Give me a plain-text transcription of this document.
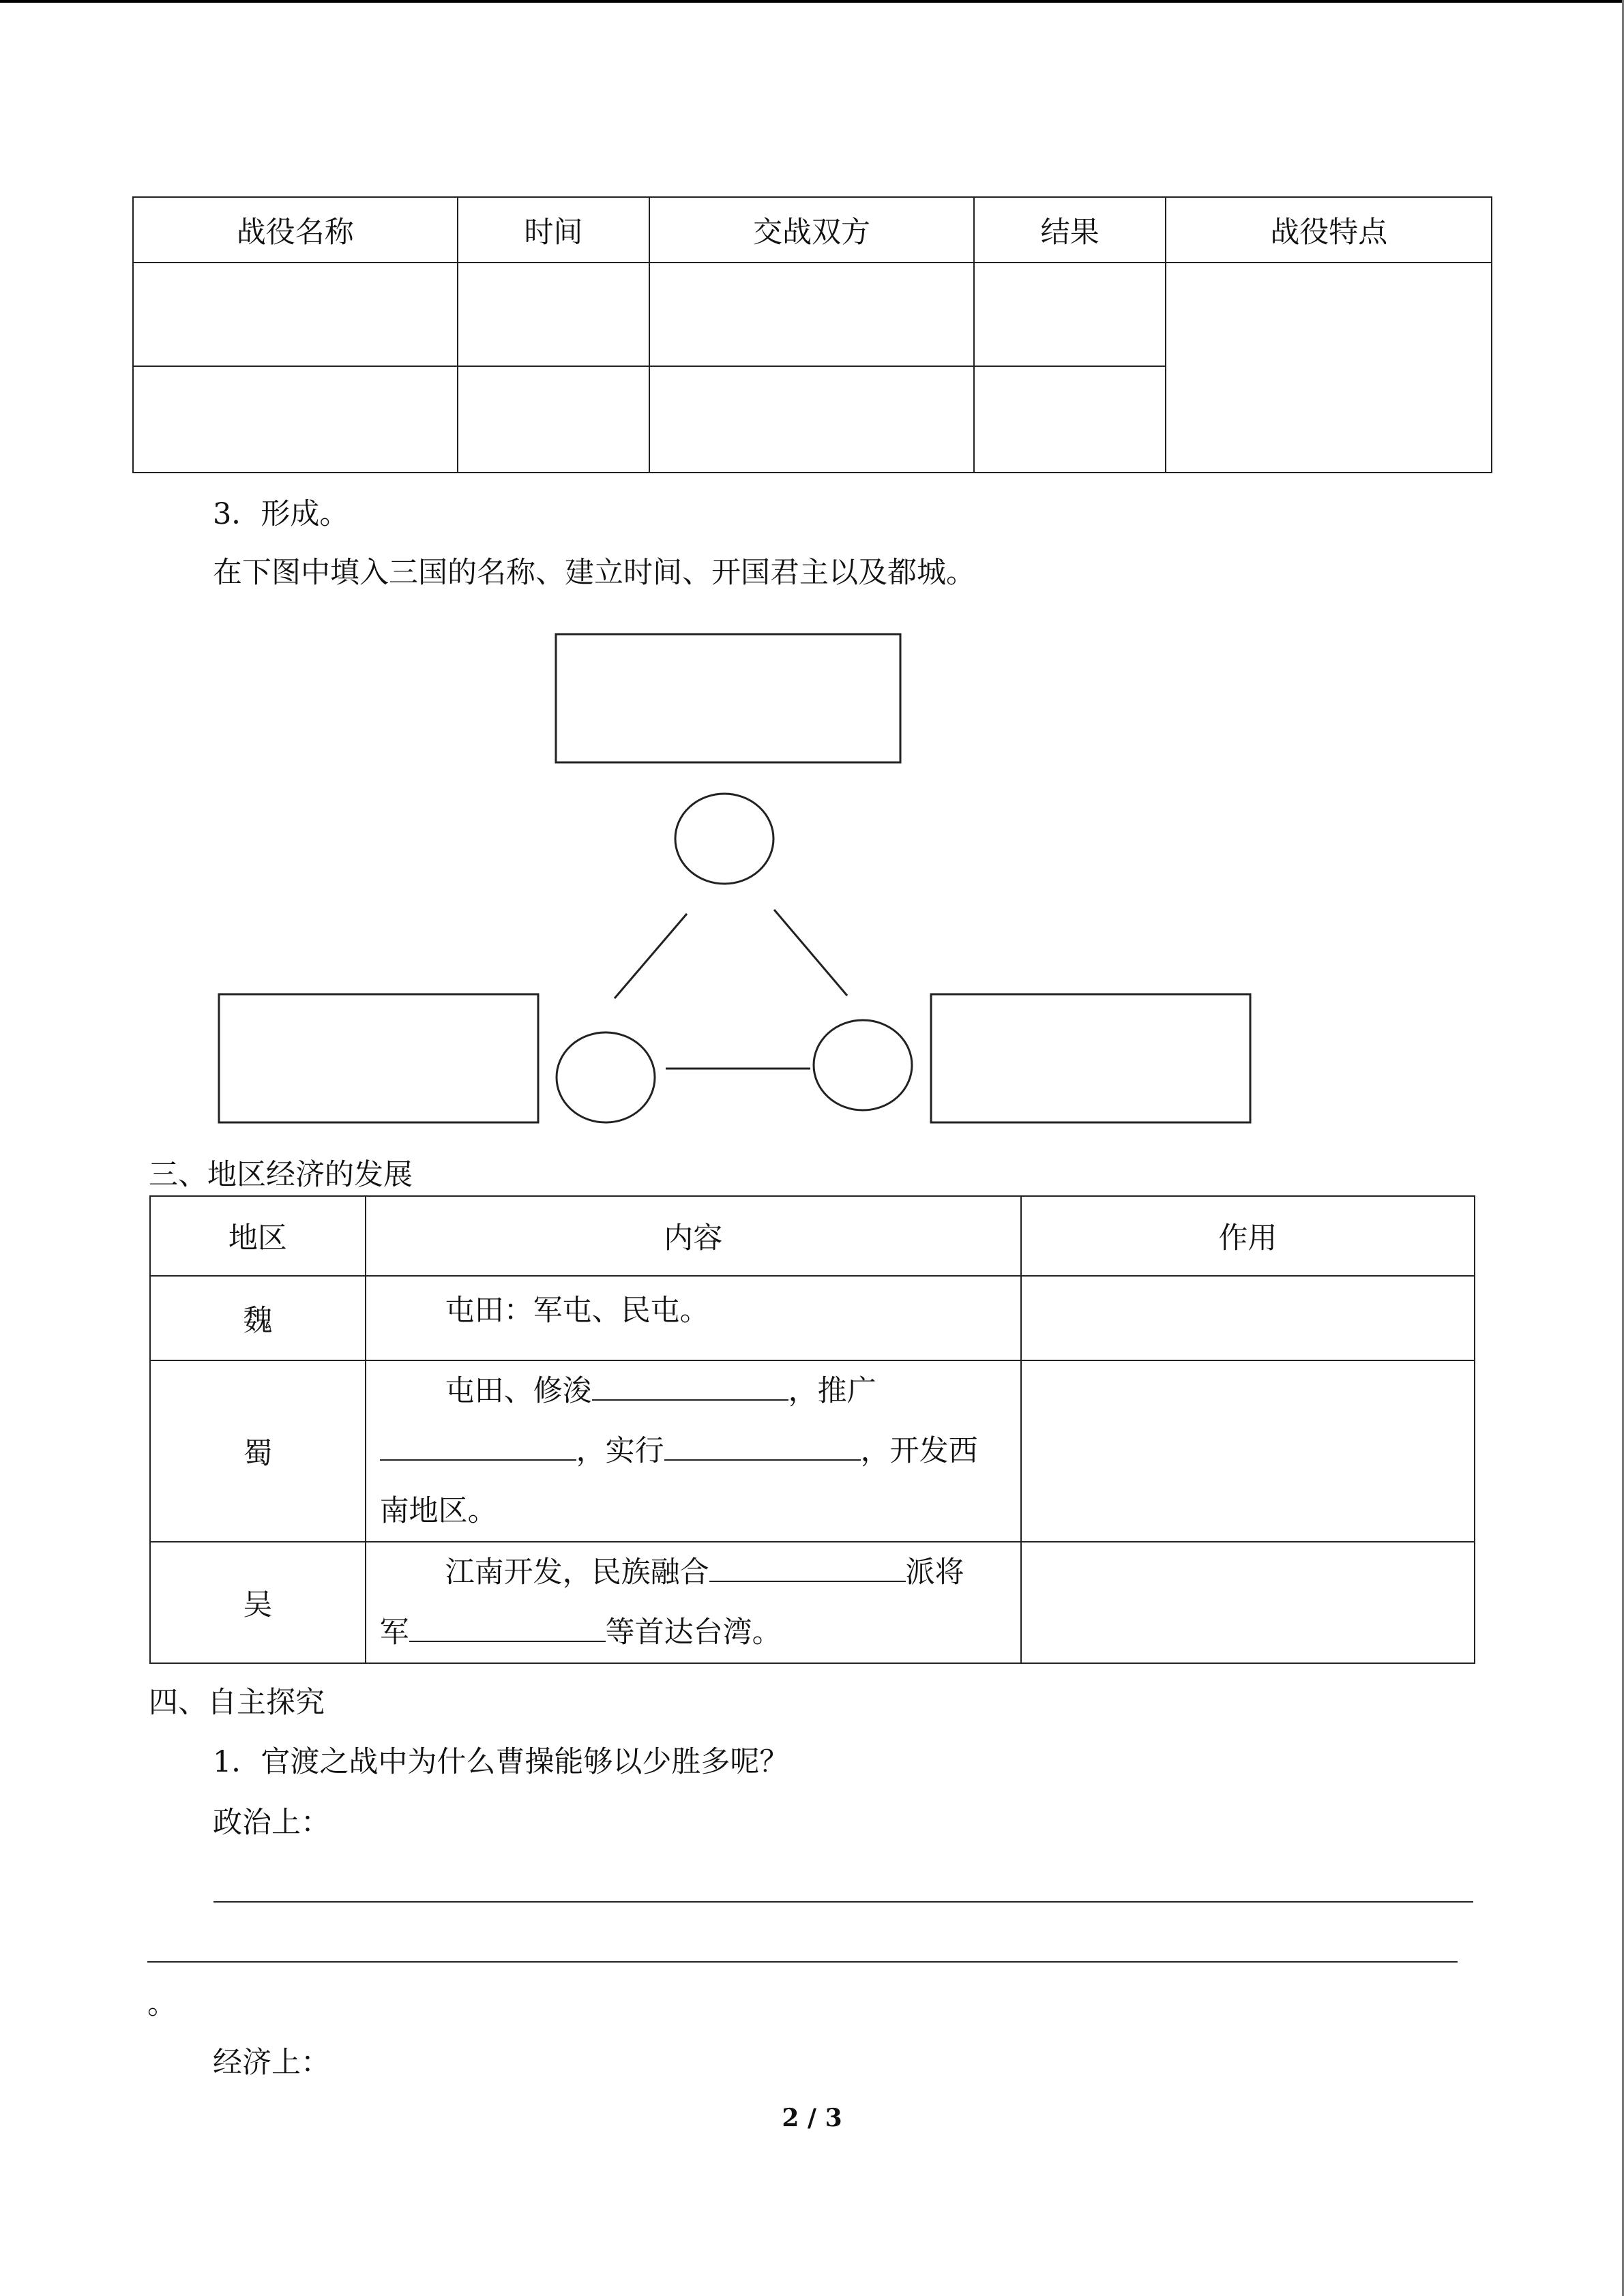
战役名称	时间	交战双方	结果	战役特点

3．形成。
在下图中填入三国的名称、建立时间、开国君主以及都城。
三、地区经济的发展
地区	内容	作用
魏	屯田：军屯、民屯。	
蜀	屯田、修浚 ，推广
，实行 ，开发西
南地区。	

吴	江南开发，民族融合 派将
军 等首达台湾。	

四、自主探究
1．官渡之战中为什么曹操能够以少胜多呢？
政治上：
。
经济上：
2 / 3
